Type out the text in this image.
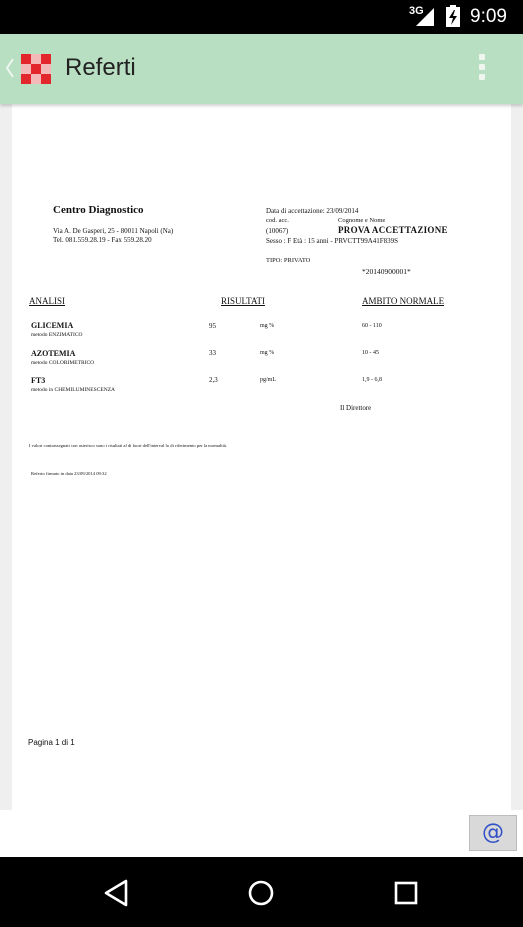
3G 9:09
Referti
Centro Diagnostico
Via A. De Gasperi, 25 - 80011 Napoli (Na)
Tel. 081.559.28.19 - Fax 559.28.20
Data di accettazione: 23/09/2014
cod. acc.	Cognome e Nome
(10067)	PROVA ACCETTAZIONE
Sesso : F Età : 15 anni - PRVCTT99A41F839S
TIPO: PRIVATO
*20140900001*
ANALISI	RISULTATI	AMBITO NORMALE
GLICEMIA
metodo ENZIMATICO
95	mg %	60 - 110
AZOTEMIA
metodo COLORIMETRICO
33	mg %	10 - 45
FT3
metodo in CHEMILUMINESCENZA
2,3	pg/mL	1,9 - 6,8
Il Direttore
I valori contrassegnati con asterisco sono i risultati al di fuori dell'interval lo di riferimento per la normalità.
Referto firmato in data 23/09/2014 09:32
Pagina 1 di 1
@
